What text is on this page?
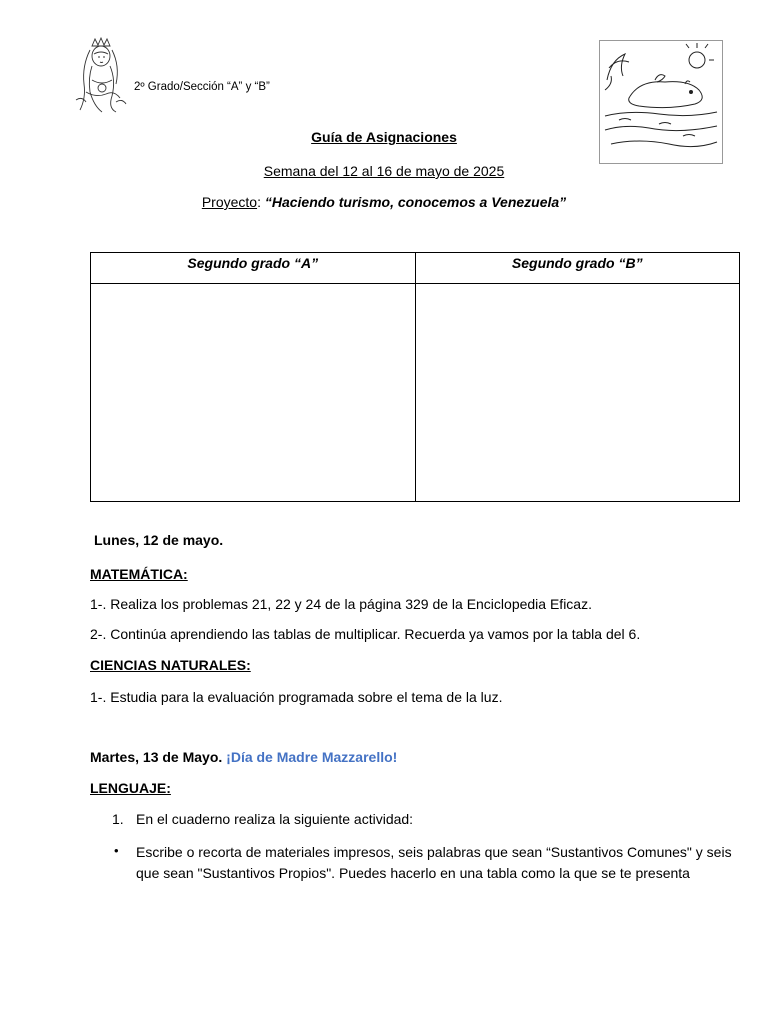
2º Grado/Sección “A” y “B”
Guía de Asignaciones
Semana del 12 al 16 de mayo de 2025
Proyecto: “Haciendo turismo, conocemos a Venezuela”
Segundo grado “A”	Segundo grado “B”

Lunes, 12 de mayo.
MATEMÁTICA:
1-. Realiza los problemas 21, 22 y 24 de la página 329 de la Enciclopedia Eficaz.
2-. Continúa aprendiendo las tablas de multiplicar. Recuerda ya vamos por la tabla del 6.
CIENCIAS NATURALES:
1-. Estudia para la evaluación programada sobre el tema de la luz.
Martes, 13 de Mayo. ¡Día de Madre Mazzarello!
LENGUAJE:
1. En el cuaderno realiza la siguiente actividad:
• Escribe o recorta de materiales impresos, seis palabras que sean “Sustantivos Comunes" y seis que sean "Sustantivos Propios". Puedes hacerlo en una tabla como la que se te presenta
